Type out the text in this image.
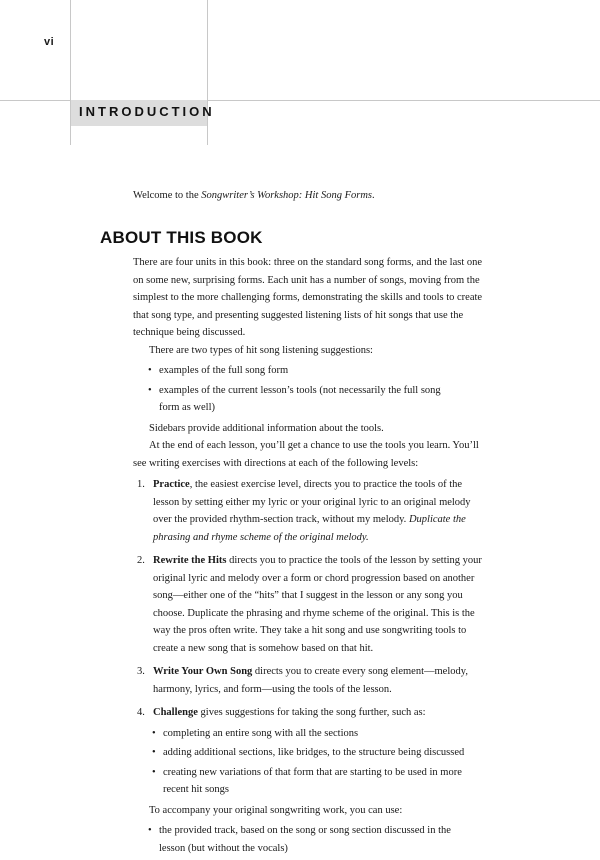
vi
INTRODUCTION

Welcome to the Songwriter’s Workshop: Hit Song Forms.

ABOUT THIS BOOK

There are four units in this book: three on the standard song forms, and the last one on some new, surprising forms. Each unit has a number of songs, moving from the simplest to the more challenging forms, demonstrating the skills and tools to create that song type, and presenting suggested listening lists of hit songs that use the technique being discussed.

There are two types of hit song listening suggestions:

• examples of the full song form
• examples of the current lesson’s tools (not necessarily the full song form as well)

Sidebars provide additional information about the tools.

At the end of each lesson, you’ll get a chance to use the tools you learn. You’ll see writing exercises with directions at each of the following levels:

1. Practice, the easiest exercise level, directs you to practice the tools of the lesson by setting either my lyric or your original lyric to an original melody over the provided rhythm-section track, without my melody. Duplicate the phrasing and rhyme scheme of the original melody.
2. Rewrite the Hits directs you to practice the tools of the lesson by setting your original lyric and melody over a form or chord progression based on another song—either one of the “hits” that I suggest in the lesson or any song you choose. Duplicate the phrasing and rhyme scheme of the original. This is the way the pros often write. They take a hit song and use songwriting tools to create a new song that is somehow based on that hit.
3. Write Your Own Song directs you to create every song element—melody, harmony, lyrics, and form—using the tools of the lesson.
4. Challenge gives suggestions for taking the song further, such as:
• completing an entire song with all the sections
• adding additional sections, like bridges, to the structure being discussed
• creating new variations of that form that are starting to be used in more recent hit songs

To accompany your original songwriting work, you can use:

• the provided track, based on the song or song section discussed in the lesson (but without the vocals)
